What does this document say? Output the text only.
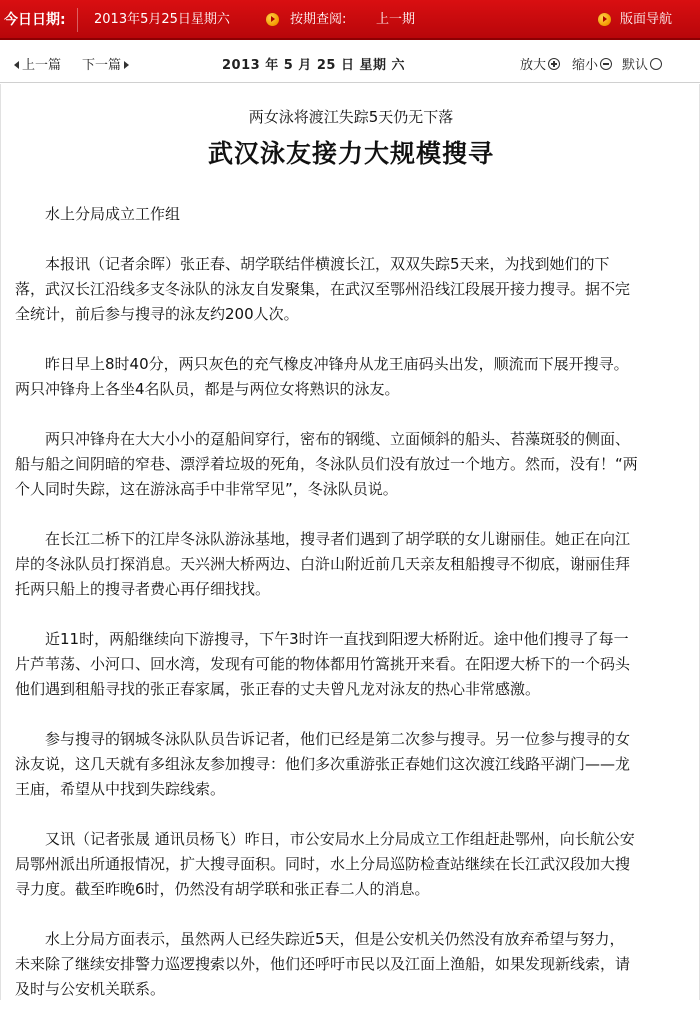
今日日期:	2013年5月25日星期六	按期查阅: 上一期	版面导航
上一篇 下一篇	2013 年 5 月 25 日 星期 六	放大 缩小 默认
两女泳将渡江失踪5天仍无下落
武汉泳友接力大规模搜寻

水上分局成立工作组

本报讯（记者余晖）张正春、胡学联结伴横渡长江，双双失踪5天来，为找到她们的下落，武汉长江沿线多支冬泳队的泳友自发聚集，在武汉至鄂州沿线江段展开接力搜寻。据不完全统计，前后参与搜寻的泳友约200人次。

昨日早上8时40分，两只灰色的充气橡皮冲锋舟从龙王庙码头出发，顺流而下展开搜寻。两只冲锋舟上各坐4名队员，都是与两位女将熟识的泳友。

两只冲锋舟在大大小小的趸船间穿行，密布的钢缆、立面倾斜的船头、苔藻斑驳的侧面、船与船之间阴暗的窄巷、漂浮着垃圾的死角，冬泳队员们没有放过一个地方。然而，没有！“两个人同时失踪，这在游泳高手中非常罕见”，冬泳队员说。

在长江二桥下的江岸冬泳队游泳基地，搜寻者们遇到了胡学联的女儿谢丽佳。她正在向江岸的冬泳队员打探消息。天兴洲大桥两边、白浒山附近前几天亲友租船搜寻不彻底，谢丽佳拜托两只船上的搜寻者费心再仔细找找。

近11时，两船继续向下游搜寻，下午3时许一直找到阳逻大桥附近。途中他们搜寻了每一片芦苇荡、小河口、回水湾，发现有可能的物体都用竹篙挑开来看。在阳逻大桥下的一个码头他们遇到租船寻找的张正春家属，张正春的丈夫曾凡龙对泳友的热心非常感激。

参与搜寻的钢城冬泳队队员告诉记者，他们已经是第二次参与搜寻。另一位参与搜寻的女泳友说，这几天就有多组泳友参加搜寻：他们多次重游张正春她们这次渡江线路平湖门——龙王庙，希望从中找到失踪线索。

又讯（记者张晟 通讯员杨飞）昨日，市公安局水上分局成立工作组赶赴鄂州，向长航公安局鄂州派出所通报情况，扩大搜寻面积。同时，水上分局巡防检查站继续在长江武汉段加大搜寻力度。截至昨晚6时，仍然没有胡学联和张正春二人的消息。

水上分局方面表示，虽然两人已经失踪近5天，但是公安机关仍然没有放弃希望与努力，未来除了继续安排警力巡逻搜索以外，他们还呼吁市民以及江面上渔船，如果发现新线索，请及时与公安机关联系。
